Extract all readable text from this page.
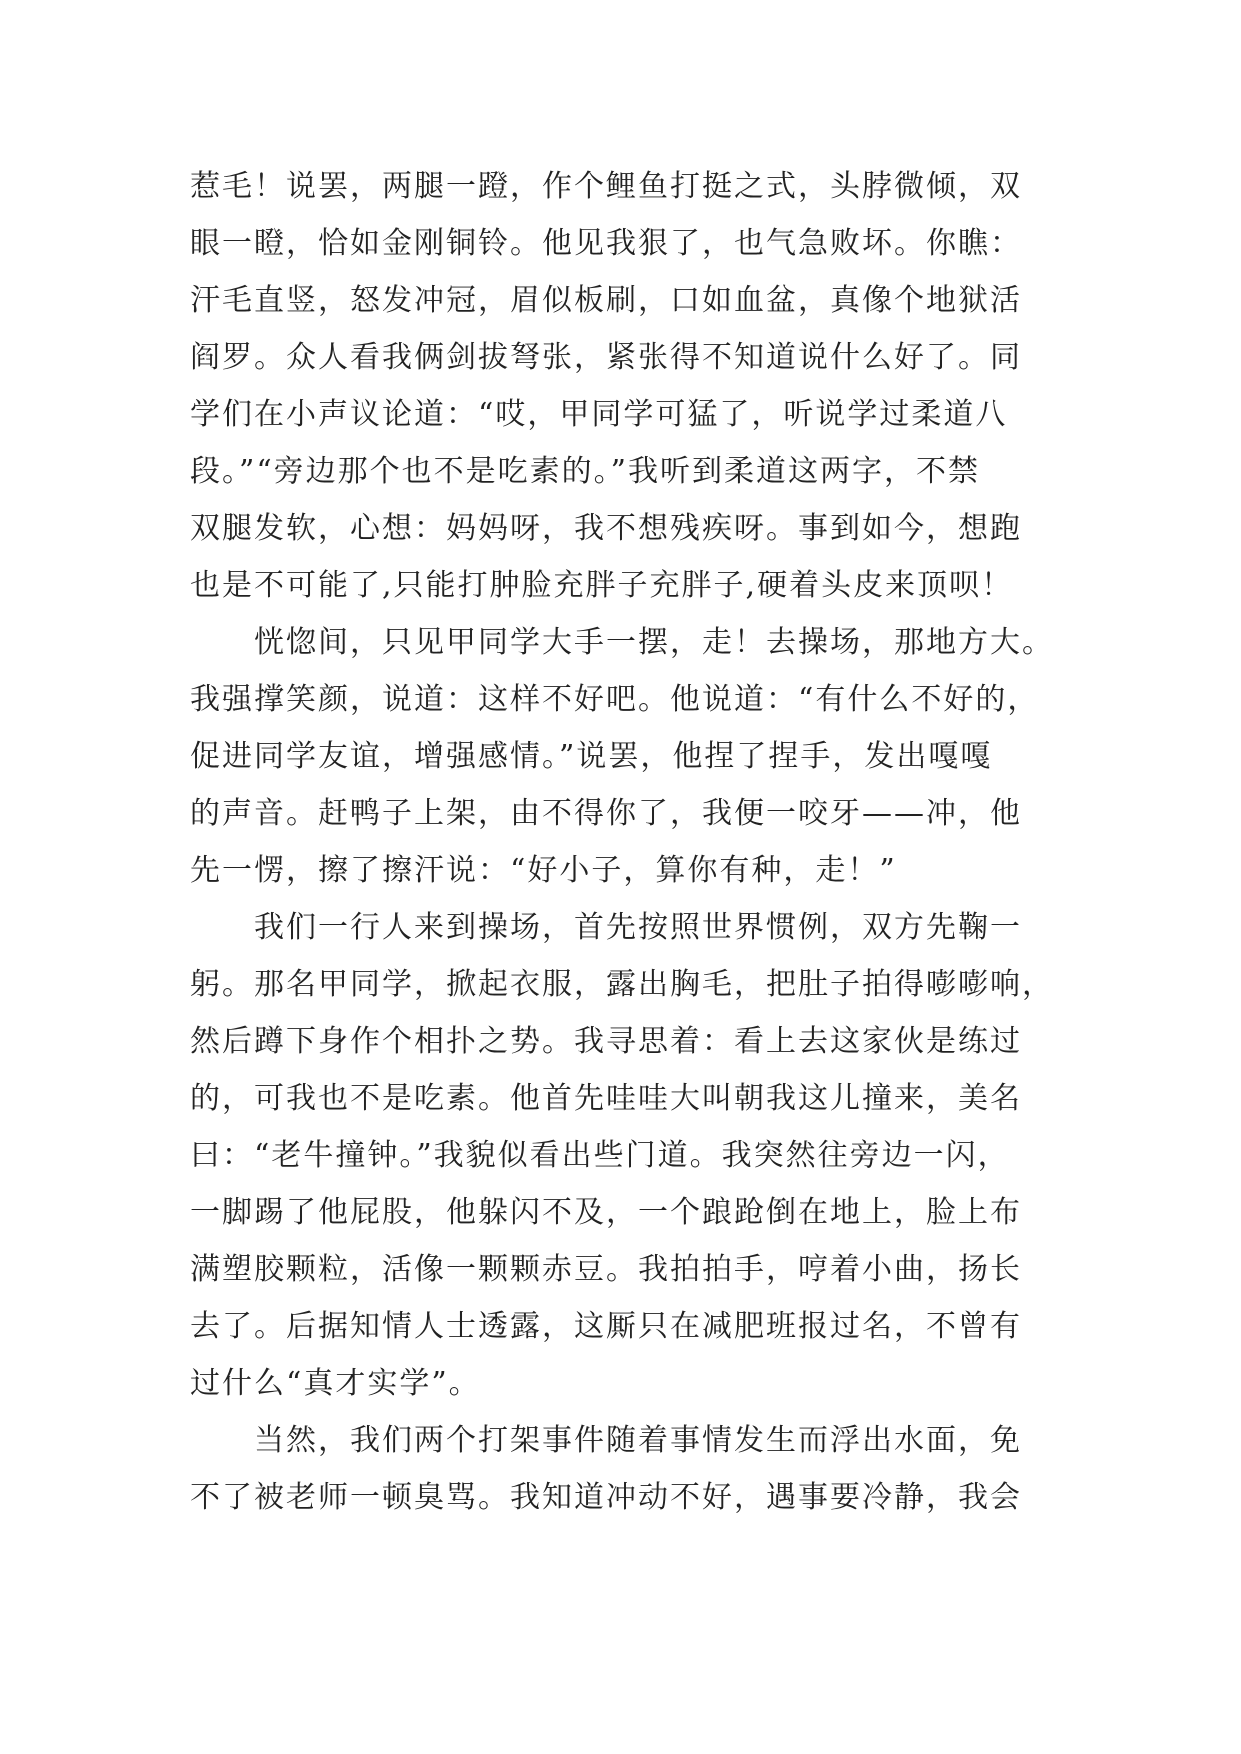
惹毛！说罢，两腿一蹬，作个鲤鱼打挺之式，头脖微倾，双
眼一瞪，恰如金刚铜铃。他见我狠了，也气急败坏。你瞧：
汗毛直竖，怒发冲冠，眉似板刷，口如血盆，真像个地狱活
阎罗。众人看我俩剑拔弩张，紧张得不知道说什么好了。同
学们在小声议论道：“哎，甲同学可猛了，听说学过柔道八
段。”“旁边那个也不是吃素的。”我听到柔道这两字，不禁
双腿发软，心想：妈妈呀，我不想残疾呀。事到如今，想跑
也是不可能了,只能打肿脸充胖子充胖子,硬着头皮来顶呗！
　　恍惚间，只见甲同学大手一摆，走！去操场，那地方大。
我强撑笑颜，说道：这样不好吧。他说道：“有什么不好的，
促进同学友谊，增强感情。”说罢，他捏了捏手，发出嘎嘎
的声音。赶鸭子上架，由不得你了，我便一咬牙——冲，他
先一愣，擦了擦汗说：“好小子，算你有种，走！”
　　我们一行人来到操场，首先按照世界惯例，双方先鞠一
躬。那名甲同学，掀起衣服，露出胸毛，把肚子拍得嘭嘭响，
然后蹲下身作个相扑之势。我寻思着：看上去这家伙是练过
的，可我也不是吃素。他首先哇哇大叫朝我这儿撞来，美名
曰：“老牛撞钟。”我貌似看出些门道。我突然往旁边一闪，
一脚踢了他屁股，他躲闪不及，一个踉跄倒在地上，脸上布
满塑胶颗粒，活像一颗颗赤豆。我拍拍手，哼着小曲，扬长
去了。后据知情人士透露，这厮只在减肥班报过名，不曾有
过什么“真才实学”。
　　当然，我们两个打架事件随着事情发生而浮出水面，免
不了被老师一顿臭骂。我知道冲动不好，遇事要冷静，我会
